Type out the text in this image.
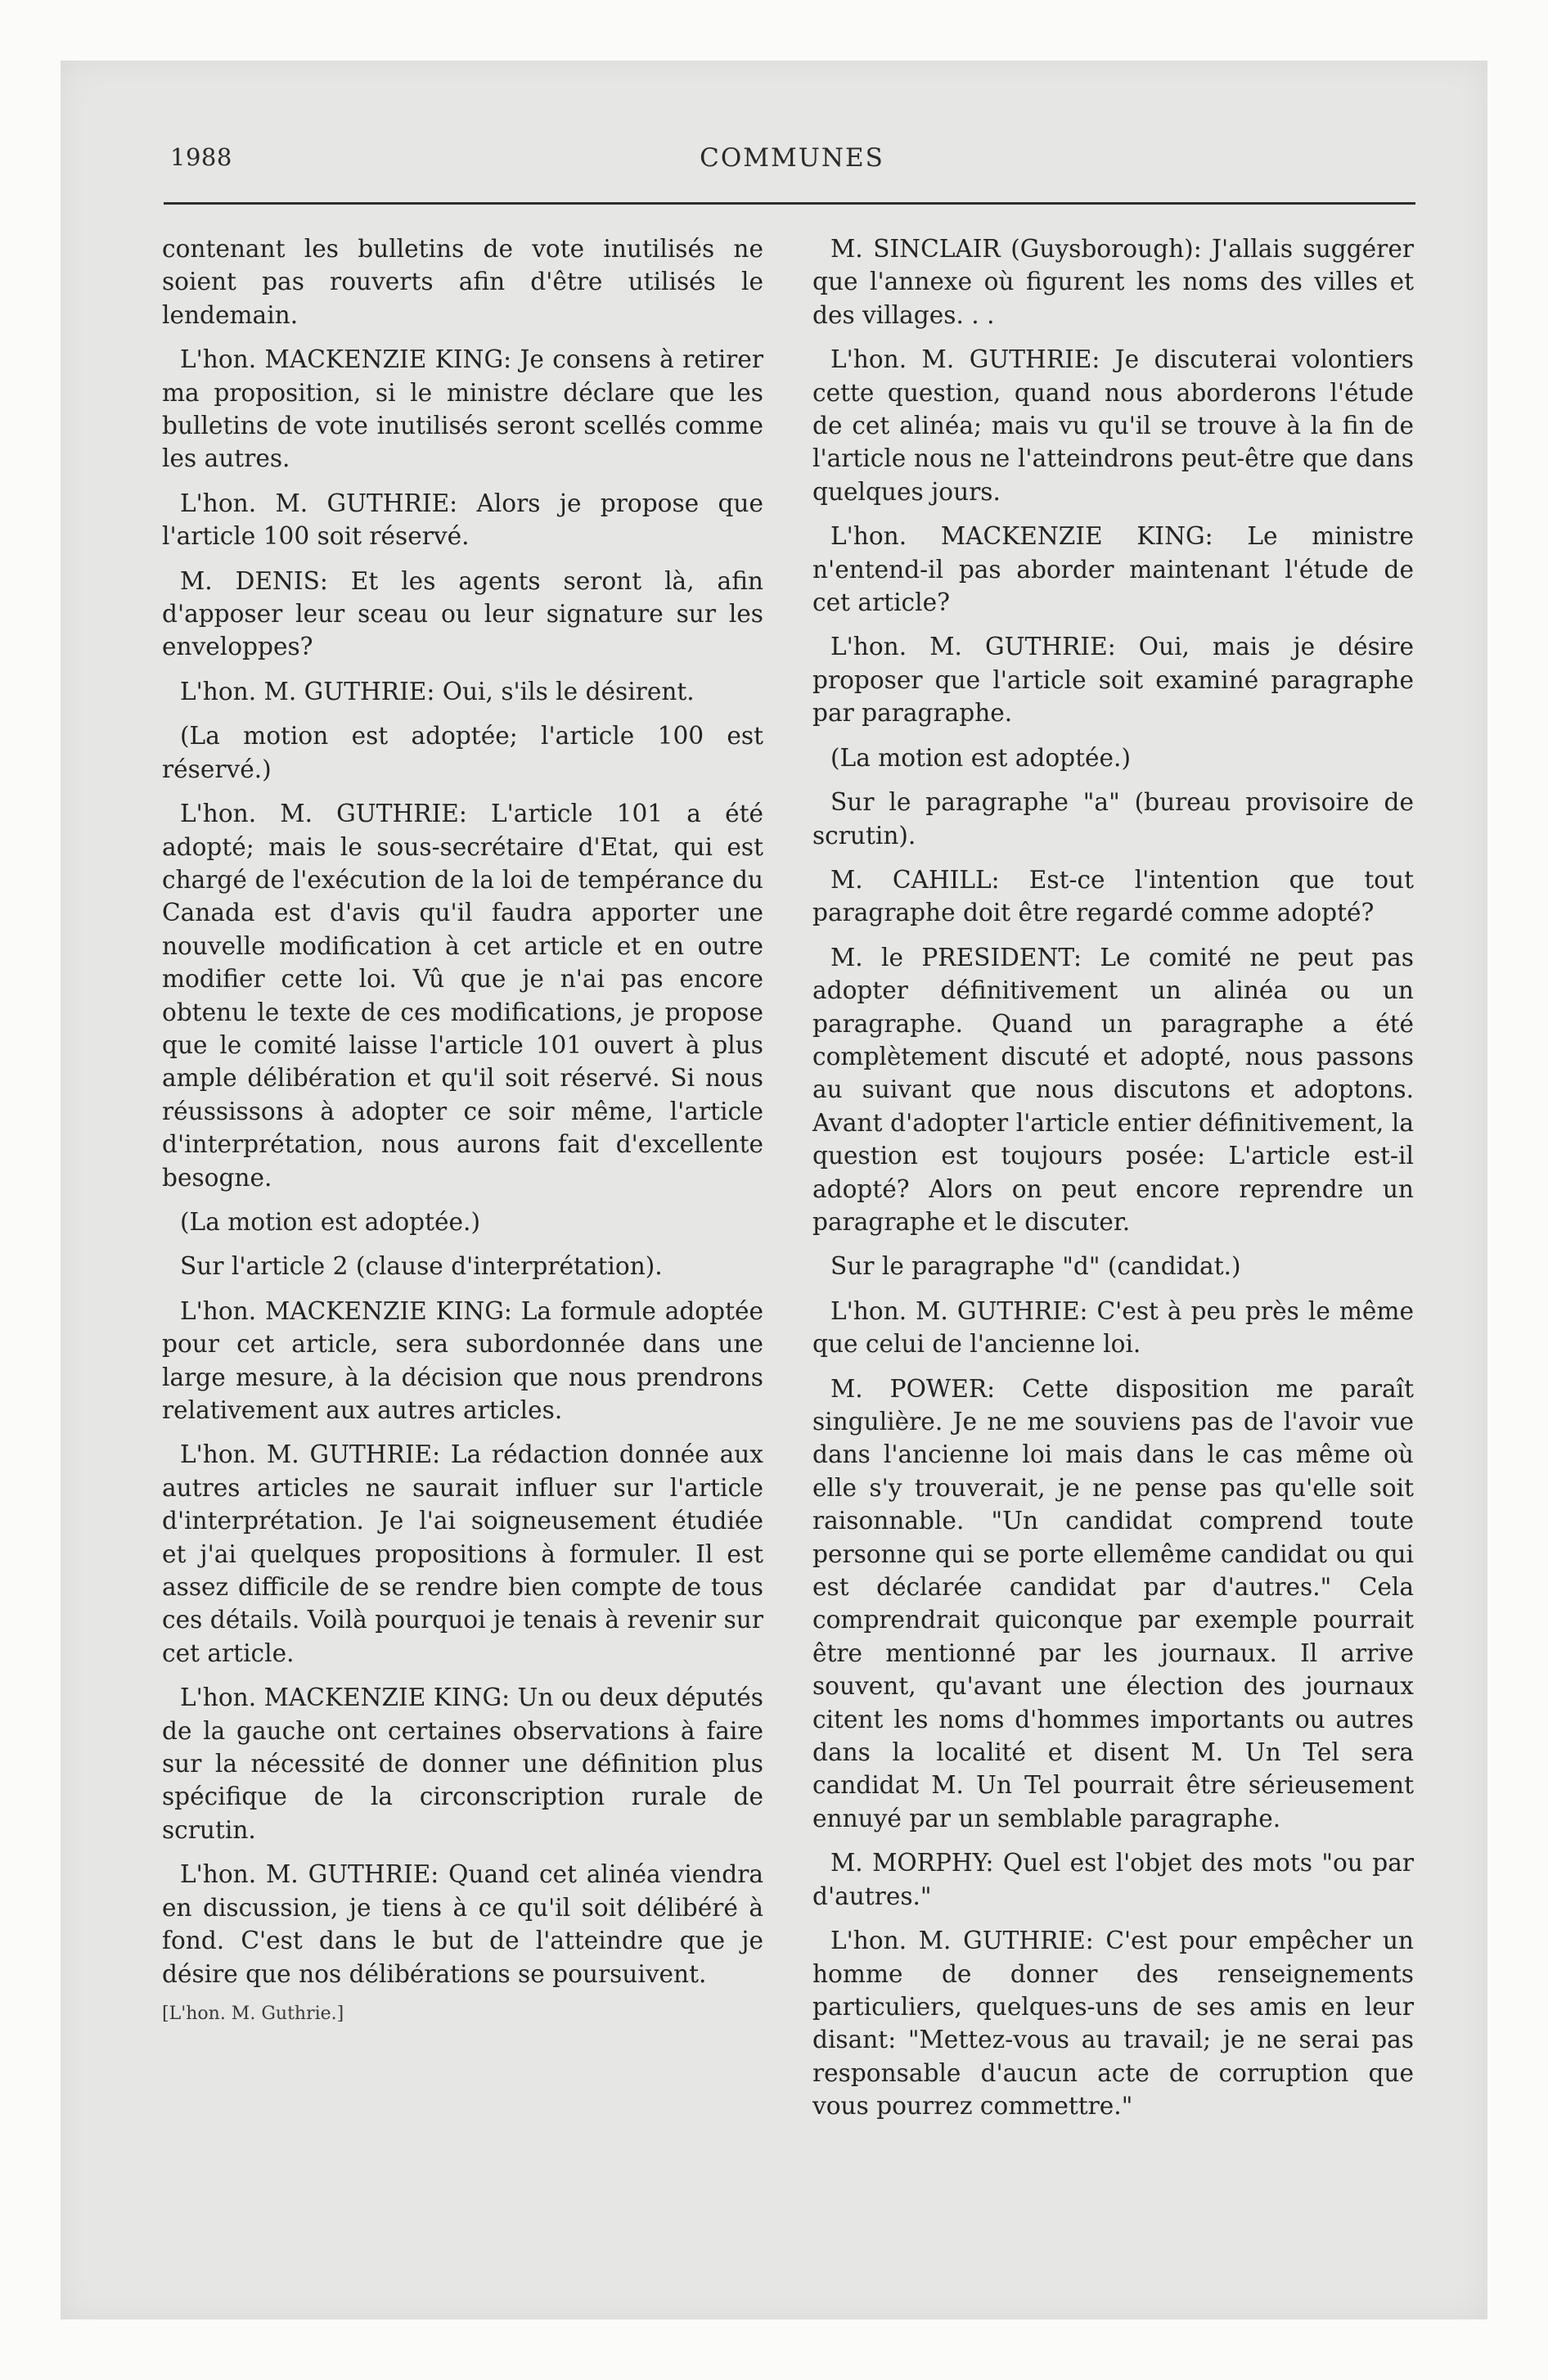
1988	COMMUNES

contenant les bulletins de vote inutilisés ne soient pas rouverts afin d'être utilisés le lendemain.

L'hon. MACKENZIE KING: Je consens à retirer ma proposition, si le ministre déclare que les bulletins de vote inutilisés seront scellés comme les autres.

L'hon. M. GUTHRIE: Alors je propose que l'article 100 soit réservé.

M. DENIS: Et les agents seront là, afin d'apposer leur sceau ou leur signature sur les enveloppes?

L'hon. M. GUTHRIE: Oui, s'ils le désirent.

(La motion est adoptée; l'article 100 est réservé.)

L'hon. M. GUTHRIE: L'article 101 a été adopté; mais le sous-secrétaire d'Etat, qui est chargé de l'exécution de la loi de tempérance du Canada est d'avis qu'il faudra apporter une nouvelle modification à cet article et en outre modifier cette loi. Vû que je n'ai pas encore obtenu le texte de ces modifications, je propose que le comité laisse l'article 101 ouvert à plus ample délibération et qu'il soit réservé. Si nous réussissons à adopter ce soir même, l'article d'interprétation, nous aurons fait d'excellente besogne.

(La motion est adoptée.)

Sur l'article 2 (clause d'interprétation).

L'hon. MACKENZIE KING: La formule adoptée pour cet article, sera subordonnée dans une large mesure, à la décision que nous prendrons relativement aux autres articles.

L'hon. M. GUTHRIE: La rédaction donnée aux autres articles ne saurait influer sur l'article d'interprétation. Je l'ai soigneusement étudiée et j'ai quelques propositions à formuler. Il est assez difficile de se rendre bien compte de tous ces détails. Voilà pourquoi je tenais à revenir sur cet article.

L'hon. MACKENZIE KING: Un ou deux députés de la gauche ont certaines observations à faire sur la nécessité de donner une définition plus spécifique de la circonscription rurale de scrutin.

L'hon. M. GUTHRIE: Quand cet alinéa viendra en discussion, je tiens à ce qu'il soit délibéré à fond. C'est dans le but de l'atteindre que je désire que nos délibérations se poursuivent.

[L'hon. M. Guthrie.]

M. SINCLAIR (Guysborough): J'allais suggérer que l'annexe où figurent les noms des villes et des villages. . .

L'hon. M. GUTHRIE: Je discuterai volontiers cette question, quand nous aborderons l'étude de cet alinéa; mais vu qu'il se trouve à la fin de l'article nous ne l'atteindrons peut-être que dans quelques jours.

L'hon. MACKENZIE KING: Le ministre n'entend-il pas aborder maintenant l'étude de cet article?

L'hon. M. GUTHRIE: Oui, mais je désire proposer que l'article soit examiné paragraphe par paragraphe.

(La motion est adoptée.)

Sur le paragraphe "a" (bureau provisoire de scrutin).

M. CAHILL: Est-ce l'intention que tout paragraphe doit être regardé comme adopté?

M. le PRESIDENT: Le comité ne peut pas adopter définitivement un alinéa ou un paragraphe. Quand un paragraphe a été complètement discuté et adopté, nous passons au suivant que nous discutons et adoptons. Avant d'adopter l'article entier définitivement, la question est toujours posée: L'article est-il adopté? Alors on peut encore reprendre un paragraphe et le discuter.

Sur le paragraphe "d" (candidat.)

L'hon. M. GUTHRIE: C'est à peu près le même que celui de l'ancienne loi.

M. POWER: Cette disposition me paraît singulière. Je ne me souviens pas de l'avoir vue dans l'ancienne loi mais dans le cas même où elle s'y trouverait, je ne pense pas qu'elle soit raisonnable. "Un candidat comprend toute personne qui se porte ellemême candidat ou qui est déclarée candidat par d'autres." Cela comprendrait quiconque par exemple pourrait être mentionné par les journaux. Il arrive souvent, qu'avant une élection des journaux citent les noms d'hommes importants ou autres dans la localité et disent M. Un Tel sera candidat M. Un Tel pourrait être sérieusement ennuyé par un semblable paragraphe.

M. MORPHY: Quel est l'objet des mots "ou par d'autres."

L'hon. M. GUTHRIE: C'est pour empêcher un homme de donner des renseignements particuliers, quelques-uns de ses amis en leur disant: "Mettez-vous au travail; je ne serai pas responsable d'aucun acte de corruption que vous pourrez commettre."
